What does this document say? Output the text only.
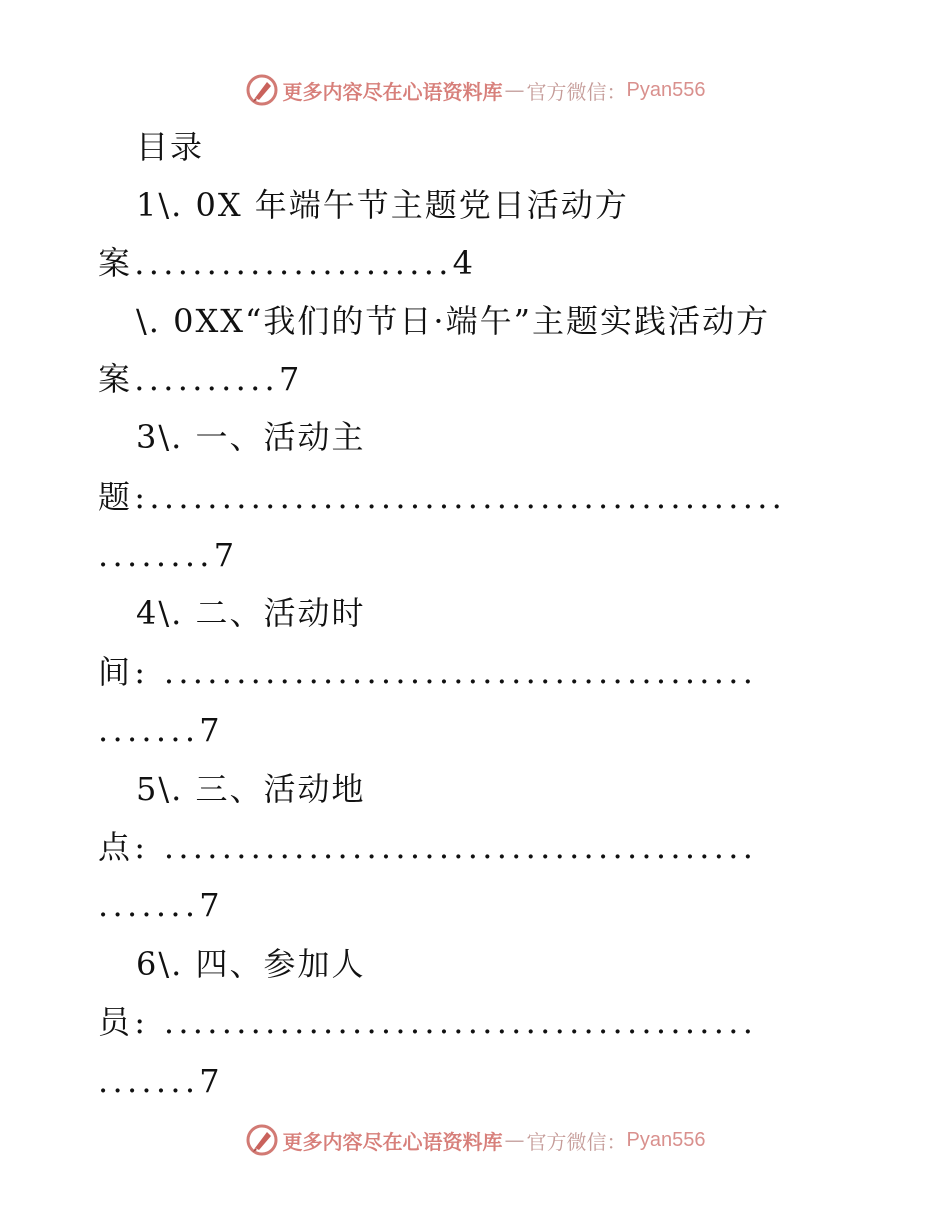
更多内容尽在心语资料库 — 官方微信： Pyan556
目录
1\. 0X 年端午节主题党日活动方
案......................4
\. 0XX“我们的节日·端午”主题实践活动方
案..........7
3\. 一、活动主
题:............................................
........7
4\. 二、活动时
间: .........................................
.......7
5\. 三、活动地
点: .........................................
.......7
6\. 四、参加人
员: .........................................
.......7
更多内容尽在心语资料库 — 官方微信： Pyan556
